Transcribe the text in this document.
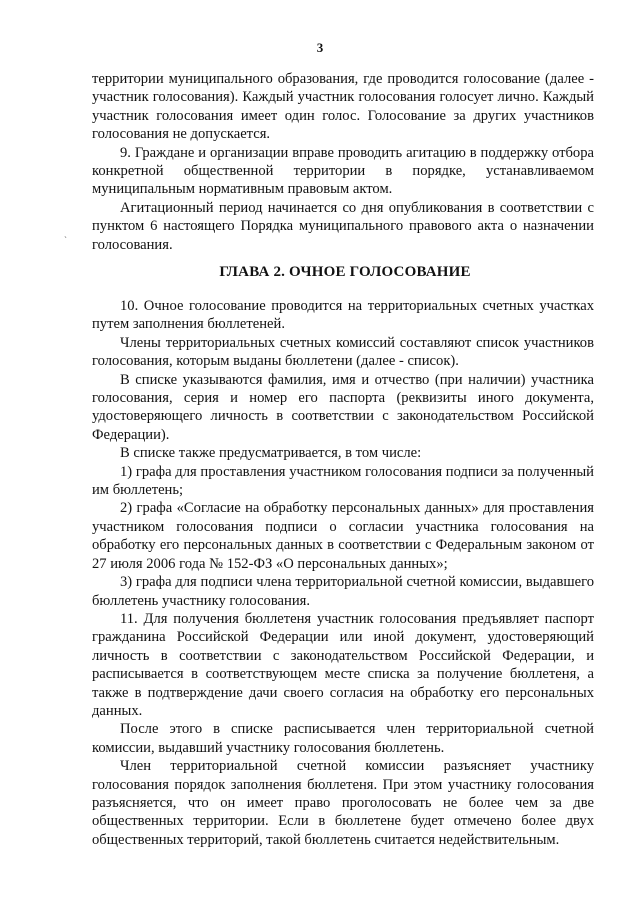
3

территории муниципального образования, где проводится голосование (далее - участник голосования). Каждый участник голосования голосует лично. Каждый участник голосования имеет один голос. Голосование за других участников голосования не допускается.

9. Граждане и организации вправе проводить агитацию в поддержку отбора конкретной общественной территории в порядке, устанавливаемом муниципальным нормативным правовым актом.

Агитационный период начинается со дня опубликования в соответствии с пунктом 6 настоящего Порядка муниципального правового акта о назначении голосования.

ˎ
ГЛАВА 2. ОЧНОЕ ГОЛОСОВАНИЕ

10. Очное голосование проводится на территориальных счетных участках путем заполнения бюллетеней.

Члены территориальных счетных комиссий составляют список участников голосования, которым выданы бюллетени (далее - список).

В списке указываются фамилия, имя и отчество (при наличии) участника голосования, серия и номер его паспорта (реквизиты иного документа, удостоверяющего личность в соответствии с законодательством Российской Федерации).

В списке также предусматривается, в том числе:

1) графа для проставления участником голосования подписи за полученный им бюллетень;

2) графа «Согласие на обработку персональных данных» для проставления участником голосования подписи о согласии участника голосования на обработку его персональных данных в соответствии с Федеральным законом от 27 июля 2006 года № 152-ФЗ «О персональных данных»;

3) графа для подписи члена территориальной счетной комиссии, выдавшего бюллетень участнику голосования.

11. Для получения бюллетеня участник голосования предъявляет паспорт гражданина Российской Федерации или иной документ, удостоверяющий личность в соответствии с законодательством Российской Федерации, и расписывается в соответствующем месте списка за получение бюллетеня, а также в подтверждение дачи своего согласия на обработку его персональных данных.

После этого в списке расписывается член территориальной счетной комиссии, выдавший участнику голосования бюллетень.

Член территориальной счетной комиссии разъясняет участнику голосования порядок заполнения бюллетеня. При этом участнику голосования разъясняется, что он имеет право проголосовать не более чем за две общественных территории. Если в бюллетене будет отмечено более двух общественных территорий, такой бюллетень считается недействительным.
